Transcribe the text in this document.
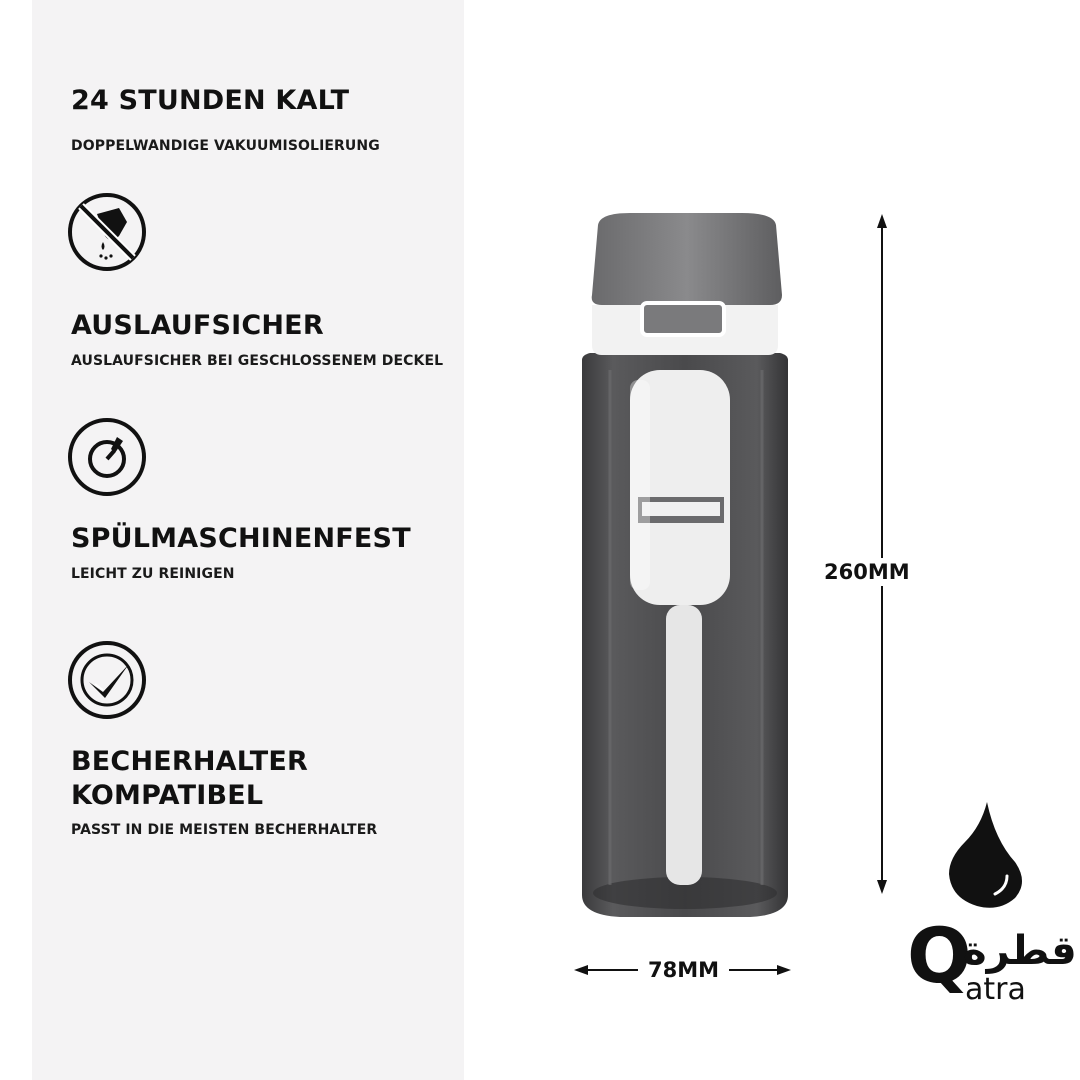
24 STUNDEN KALT
DOPPELWANDIGE VAKUUMISOLIERUNG
AUSLAUFSICHER
AUSLAUFSICHER BEI GESCHLOSSENEM DECKEL
SPÜLMASCHINENFEST
LEICHT ZU REINIGEN
BECHERHALTER
KOMPATIBEL
PASST IN DIE MEISTEN BECHERHALTER
260MM
78MM Q
قطرة
atra
